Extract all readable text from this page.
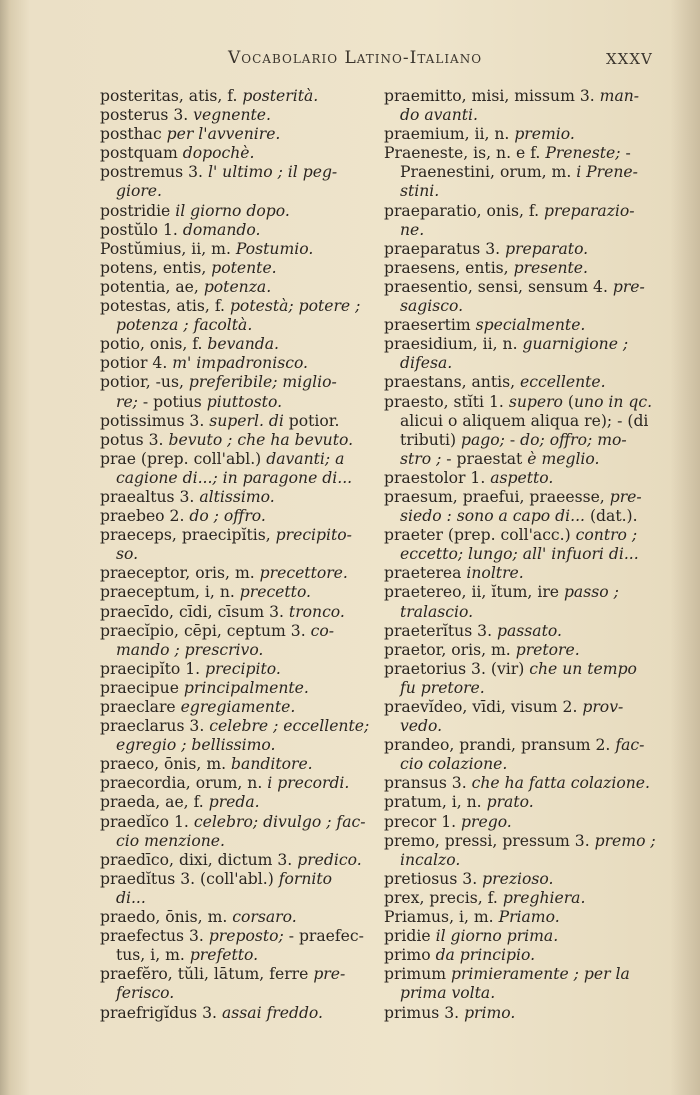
Vocabolario Latino-Italiano	XXXV
posteritas, atis, f. posterità.
posterus 3. vegnente.
posthac per l'avvenire.
postquam dopochè.
postremus 3. l' ultimo ; il peg-
giore.
postridie il giorno dopo.
postŭlo 1. domando.
Postŭmius, ii, m. Postumio.
potens, entis, potente.
potentia, ae, potenza.
potestas, atis, f. potestà; potere ;
potenza ; facoltà.
potio, onis, f. bevanda.
potior 4. m' impadronisco.
potior, -us, preferibile; miglio-
re; - potius piuttosto.
potissimus 3. superl. di potior.
potus 3. bevuto ; che ha bevuto.
prae (prep. coll'abl.) davanti; a
cagione di...; in paragone di...
praealtus 3. altissimo.
praebeo 2. do ; offro.
praeceps, praecipĭtis, precipito-
so.
praeceptor, oris, m. precettore.
praeceptum, i, n. precetto.
praecīdo, cīdi, cīsum 3. tronco.
praecĭpio, cēpi, ceptum 3. co-
mando ; prescrivo.
praecipĭto 1. precipito.
praecipue principalmente.
praeclare egregiamente.
praeclarus 3. celebre ; eccellente;
egregio ; bellissimo.
praeco, ōnis, m. banditore.
praecordia, orum, n. i precordi.
praeda, ae, f. preda.
praedĭco 1. celebro; divulgo ; fac-
cio menzione.
praedīco, dixi, dictum 3. predico.
praedĭtus 3. (coll'abl.) fornito
di...
praedo, ōnis, m. corsaro.
praefectus 3. preposto; - praefec-
tus, i, m. prefetto.
praefĕro, tŭli, lātum, ferre pre-
ferisco.
praefrigĭdus 3. assai freddo.
praemitto, misi, missum 3. man-
do avanti.
praemium, ii, n. premio.
Praeneste, is, n. e f. Preneste; -
Praenestini, orum, m. i Prene-
stini.
praeparatio, onis, f. preparazio-
ne.
praeparatus 3. preparato.
praesens, entis, presente.
praesentio, sensi, sensum 4. pre-
sagisco.
praesertim specialmente.
praesidium, ii, n. guarnigione ;
difesa.
praestans, antis, eccellente.
praesto, stĭti 1. supero (uno in qc.
alicui o aliquem aliqua re); - (di
tributi) pago; - do; offro; mo-
stro ; - praestat è meglio.
praestolor 1. aspetto.
praesum, praefui, praeesse, pre-
siedo : sono a capo di... (dat.).
praeter (prep. coll'acc.) contro ;
eccetto; lungo; all' infuori di...
praeterea inoltre.
praetereo, ii, ĭtum, ire passo ;
tralascio.
praeterĭtus 3. passato.
praetor, oris, m. pretore.
praetorius 3. (vir) che un tempo
fu pretore.
praevĭdeo, vīdi, visum 2. prov-
vedo.
prandeo, prandi, pransum 2. fac-
cio colazione.
pransus 3. che ha fatta colazione.
pratum, i, n. prato.
precor 1. prego.
premo, pressi, pressum 3. premo ;
incalzo.
pretiosus 3. prezioso.
prex, precis, f. preghiera.
Priamus, i, m. Priamo.
pridie il giorno prima.
primo da principio.
primum primieramente ; per la
prima volta.
primus 3. primo.
